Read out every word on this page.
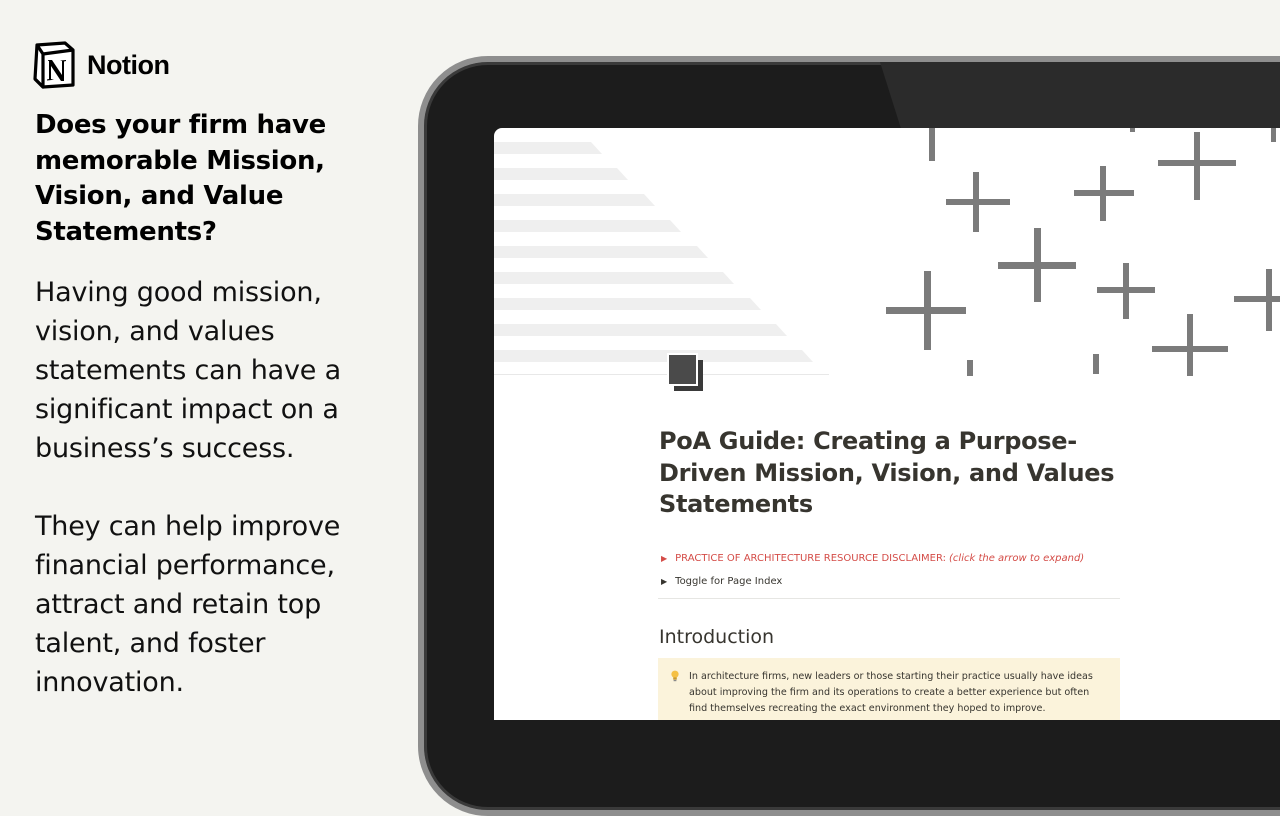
Notion
Does your firm have memorable Mission, Vision, and Value Statements?

Having good mission, vision, and values statements can have a significant impact on a business’s success.

They can help improve financial performance, attract and retain top talent, and foster innovation.

PoA Guide: Creating a Purpose-Driven Mission, Vision, and Values Statements
▶ PRACTICE OF ARCHITECTURE RESOURCE DISCLAIMER: (click the arrow to expand)
▶ Toggle for Page Index
Introduction
In architecture firms, new leaders or those starting their practice usually have ideas about improving the firm and its operations to create a better experience but often find themselves recreating the exact environment they hoped to improve.
